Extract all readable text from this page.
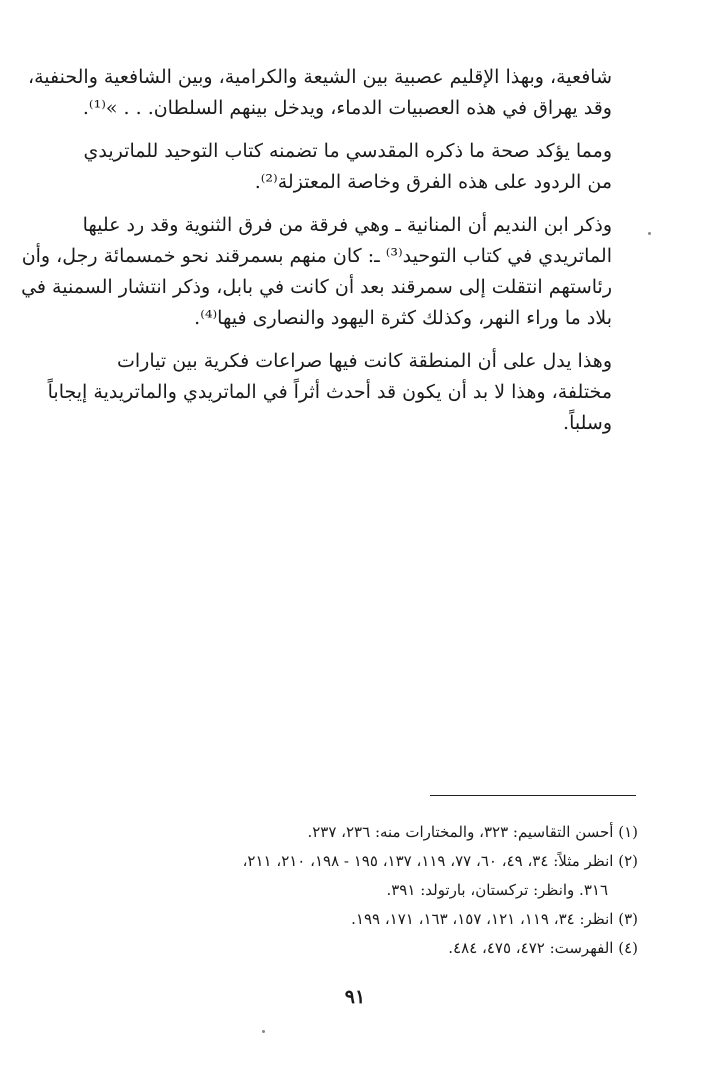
شافعية، وبهذا الإقليم عصبية بين الشيعة والكرامية، وبين الشافعية والحنفية،
وقد يهراق في هذه العصبيات الدماء، ويدخل بينهم السلطان. . . »⁽¹⁾.

ومما يؤكد صحة ما ذكره المقدسي ما تضمنه كتاب التوحيد للماتريدي
من الردود على هذه الفرق وخاصة المعتزلة⁽²⁾.

وذكر ابن النديم أن المنانية ـ وهي فرقة من فرق الثنوية وقد رد عليها
الماتريدي في كتاب التوحيد⁽³⁾ ـ: كان منهم بسمرقند نحو خمسمائة رجل، وأن
رئاستهم انتقلت إلى سمرقند بعد أن كانت في بابل، وذكر انتشار السمنية في
بلاد ما وراء النهر، وكذلك كثرة اليهود والنصارى فيها⁽⁴⁾.

وهذا يدل على أن المنطقة كانت فيها صراعات فكرية بين تيارات
مختلفة، وهذا لا بد أن يكون قد أحدث أثراً في الماتريدي والماتريدية إيجاباً
وسلباً.

(١) أحسن التقاسيم: ٣٢٣، والمختارات منه: ٢٣٦، ٢٣٧.
(٢) انظر مثلاً: ٣٤، ٤٩، ٦٠، ٧٧، ١١٩، ١٣٧، ١٩٥ - ١٩٨، ٢١٠، ٢١١،
٣١٦. وانظر: تركستان، بارتولد: ٣٩١.
(٣) انظر: ٣٤، ١١٩، ١٢١، ١٥٧، ١٦٣، ١٧١، ١٩٩.
(٤) الفهرست: ٤٧٢، ٤٧٥، ٤٨٤.
٩١
